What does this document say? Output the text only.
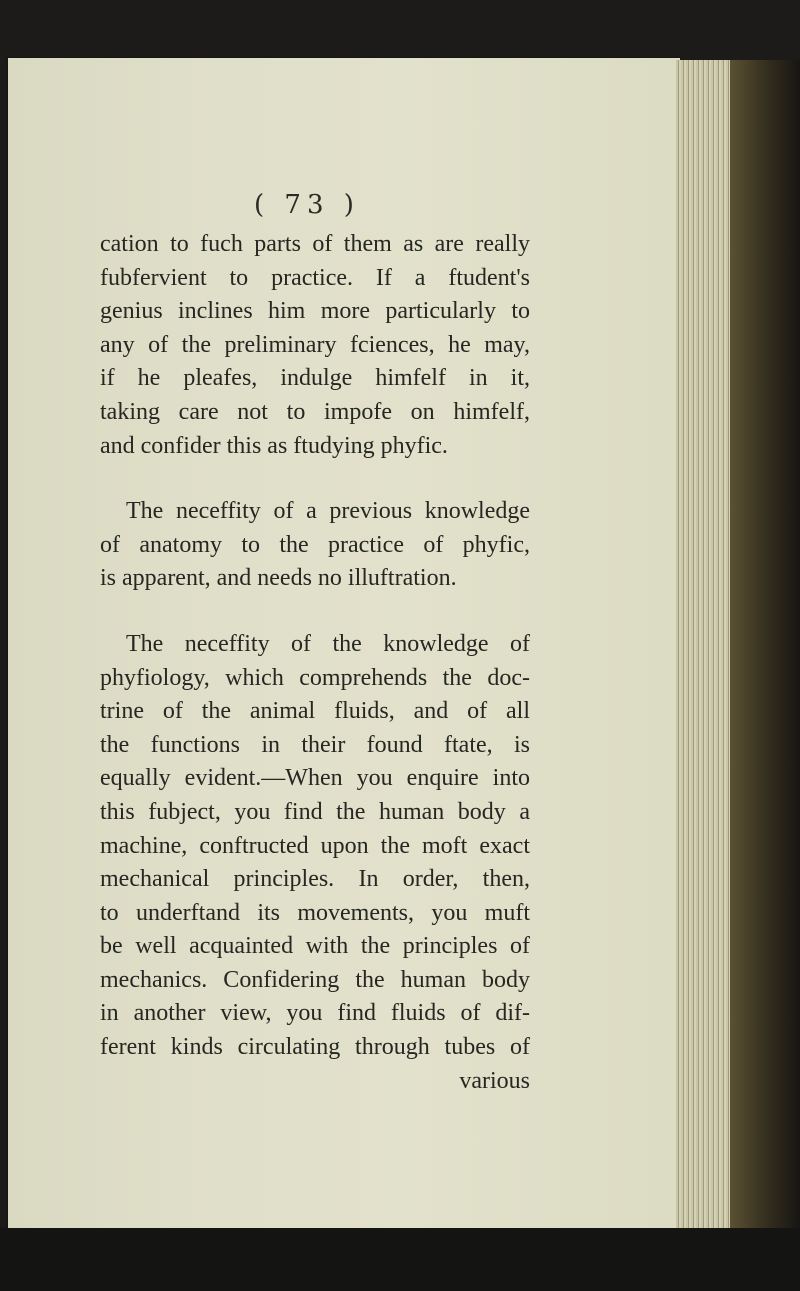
( 73 )
cation to fuch parts of them as are really
fubfervient to practice. If a ftudent's
genius inclines him more particularly to
any of the preliminary fciences, he may,
if he pleafes, indulge himfelf in it,
taking care not to impofe on himfelf,
and confider this as ftudying phyfic.
The neceffity of a previous knowledge
of anatomy to the practice of phyfic,
is apparent, and needs no illuftration.
The neceffity of the knowledge of
phyfiology, which comprehends the doc-
trine of the animal fluids, and of all
the functions in their found ftate, is
equally evident.—When you enquire into
this fubject, you find the human body a
machine, conftructed upon the moft exact
mechanical principles. In order, then,
to underftand its movements, you muft
be well acquainted with the principles of
mechanics. Confidering the human body
in another view, you find fluids of dif-
ferent kinds circulating through tubes of
various
